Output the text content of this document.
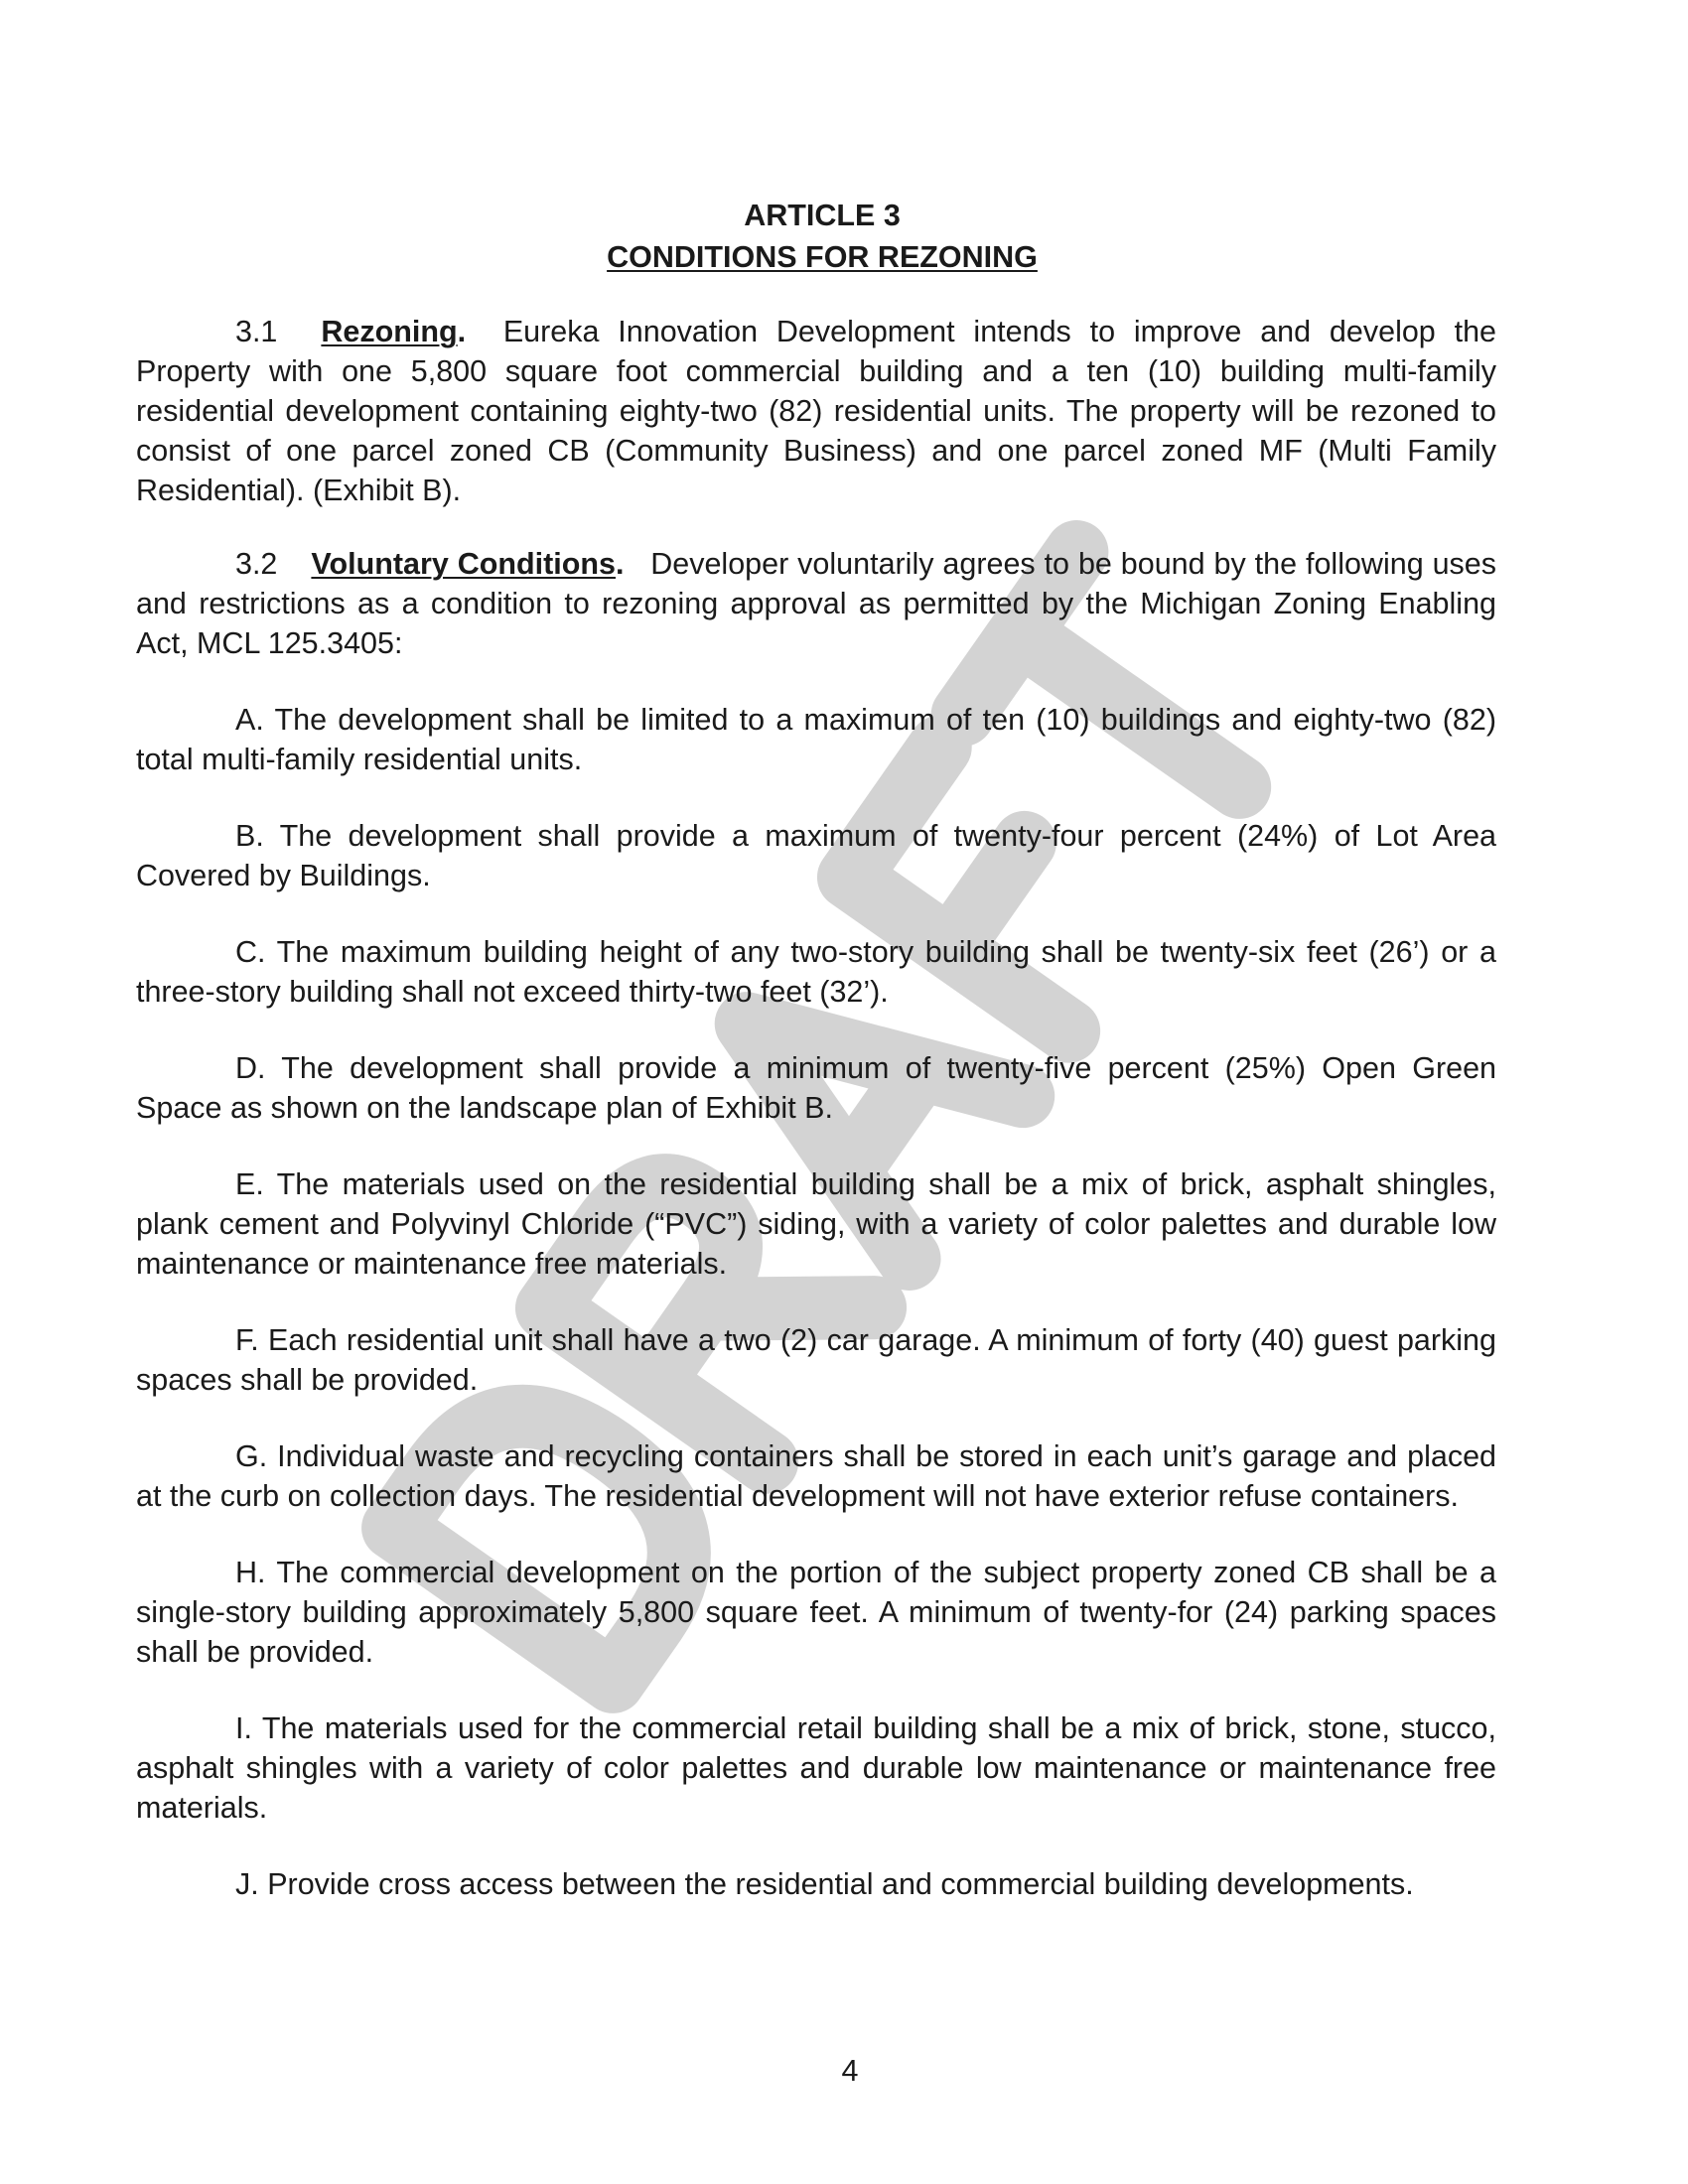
ARTICLE 3

CONDITIONS FOR REZONING

3.1 Rezoning. Eureka Innovation Development intends to improve and develop the Property with one 5,800 square foot commercial building and a ten (10) building multi-family residential development containing eighty-two (82) residential units. The property will be rezoned to consist of one parcel zoned CB (Community Business) and one parcel zoned MF (Multi Family Residential). (Exhibit B).

3.2 Voluntary Conditions. Developer voluntarily agrees to be bound by the following uses and restrictions as a condition to rezoning approval as permitted by the Michigan Zoning Enabling Act, MCL 125.3405:

A. The development shall be limited to a maximum of ten (10) buildings and eighty-two (82) total multi-family residential units.

B. The development shall provide a maximum of twenty-four percent (24%) of Lot Area Covered by Buildings.

C. The maximum building height of any two-story building shall be twenty-six feet (26’) or a three-story building shall not exceed thirty-two feet (32’).

D. The development shall provide a minimum of twenty-five percent (25%) Open Green Space as shown on the landscape plan of Exhibit B.

E. The materials used on the residential building shall be a mix of brick, asphalt shingles, plank cement and Polyvinyl Chloride (“PVC”) siding, with a variety of color palettes and durable low maintenance or maintenance free materials.

F. Each residential unit shall have a two (2) car garage. A minimum of forty (40) guest parking spaces shall be provided.

G. Individual waste and recycling containers shall be stored in each unit’s garage and placed at the curb on collection days. The residential development will not have exterior refuse containers.

H. The commercial development on the portion of the subject property zoned CB shall be a single-story building approximately 5,800 square feet. A minimum of twenty-for (24) parking spaces shall be provided.

I. The materials used for the commercial retail building shall be a mix of brick, stone, stucco, asphalt shingles with a variety of color palettes and durable low maintenance or maintenance free materials.

J. Provide cross access between the residential and commercial building developments.

4
